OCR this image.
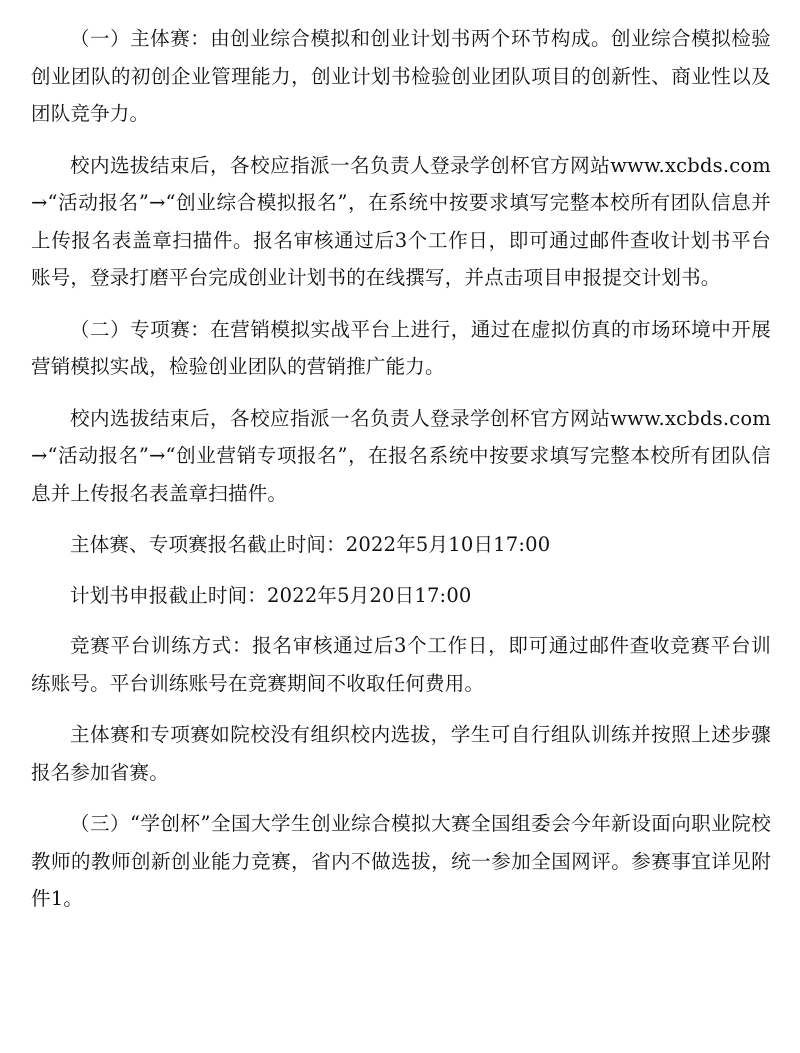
（一）主体赛：由创业综合模拟和创业计划书两个环节构成。创业综合模拟检验创业团队的初创企业管理能力，创业计划书检验创业团队项目的创新性、商业性以及团队竞争力。

校内选拔结束后，各校应指派一名负责人登录学创杯官方网站www.xcbds.com→“活动报名”→“创业综合模拟报名”，在系统中按要求填写完整本校所有团队信息并上传报名表盖章扫描件。报名审核通过后3个工作日，即可通过邮件查收计划书平台账号，登录打磨平台完成创业计划书的在线撰写，并点击项目申报提交计划书。

（二）专项赛：在营销模拟实战平台上进行，通过在虚拟仿真的市场环境中开展营销模拟实战，检验创业团队的营销推广能力。

校内选拔结束后，各校应指派一名负责人登录学创杯官方网站www.xcbds.com→“活动报名”→“创业营销专项报名”，在报名系统中按要求填写完整本校所有团队信息并上传报名表盖章扫描件。

主体赛、专项赛报名截止时间：2022年5月10日17:00

计划书申报截止时间：2022年5月20日17:00

竞赛平台训练方式：报名审核通过后3个工作日，即可通过邮件查收竞赛平台训练账号。平台训练账号在竞赛期间不收取任何费用。

主体赛和专项赛如院校没有组织校内选拔，学生可自行组队训练并按照上述步骤报名参加省赛。

（三）“学创杯”全国大学生创业综合模拟大赛全国组委会今年新设面向职业院校教师的教师创新创业能力竞赛，省内不做选拔，统一参加全国网评。参赛事宜详见附件1。
